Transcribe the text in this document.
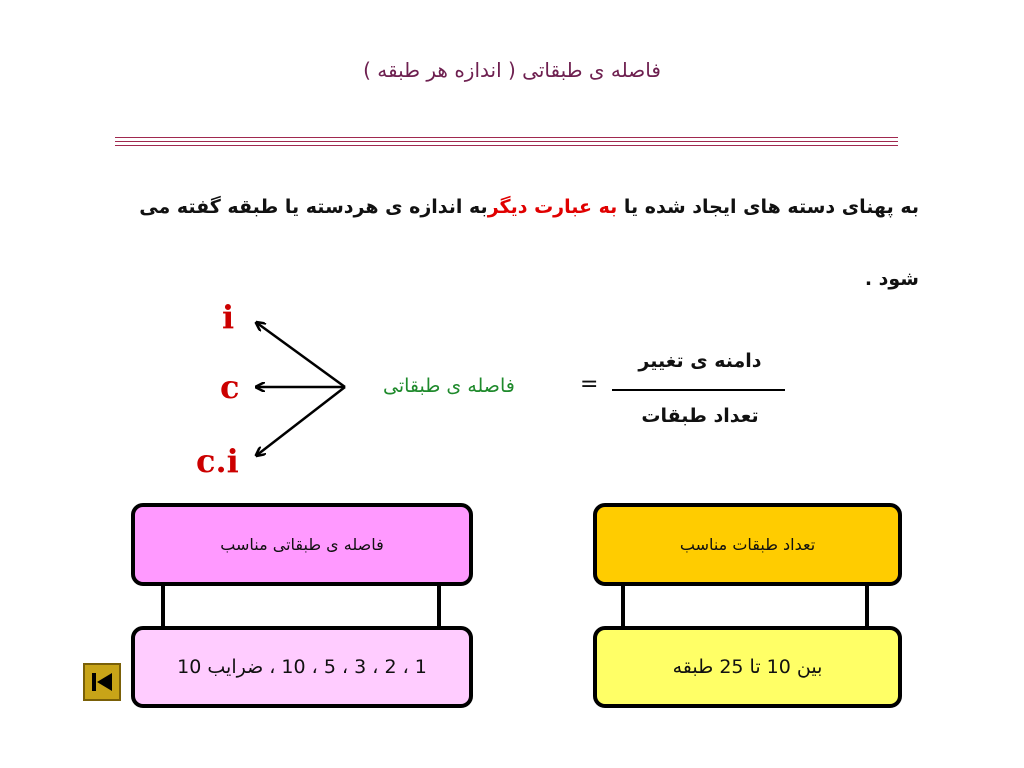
فاصله ی طبقاتی ( اندازه هر طبقه )
به پهنای دسته های ایجاد شده یا به عبارت دیگربه اندازه ی هردسته یا طبقه گفته می شود .
i
c
c.i
فاصله ی طبقاتی	=
دامنه ی تغییر
تعداد طبقات
فاصله ی طبقاتی مناسب
1 ، 2 ، 3 ، 5 ، 10 ، ضرایب 10
تعداد طبقات مناسب
بین 10 تا 25 طبقه
